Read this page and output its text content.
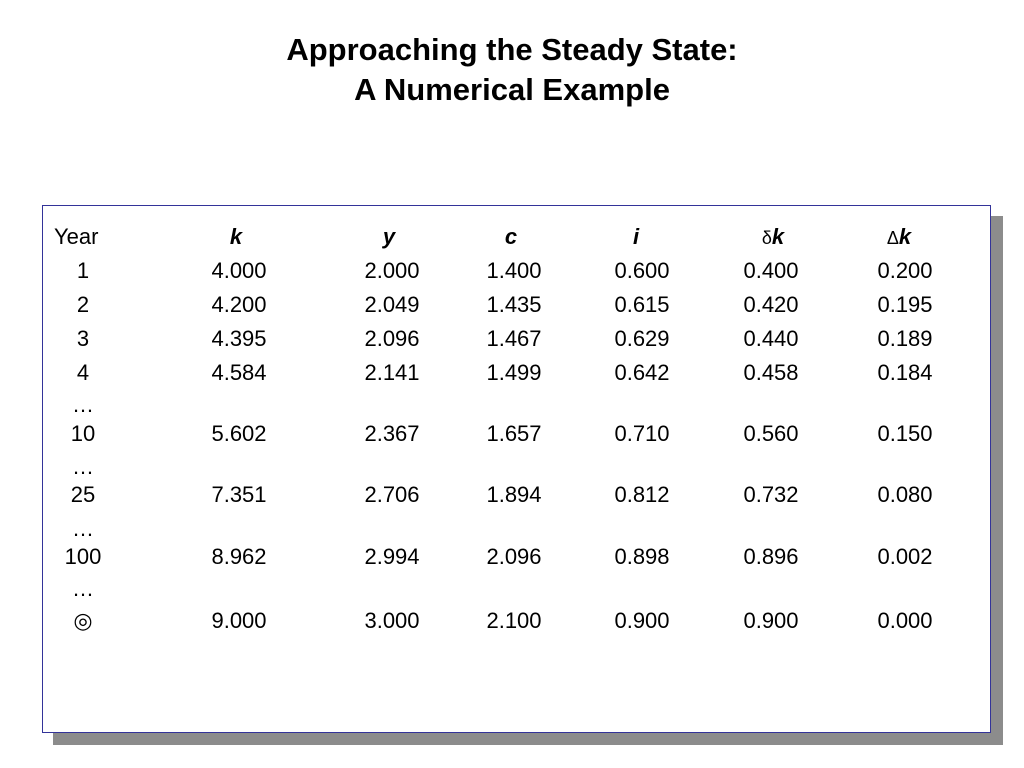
Approaching the Steady State:
A Numerical Example
Year	k	y	c	i	δk	Δk
1	4.000	2.000	1.400	0.600	0.400	0.200
2	4.200	2.049	1.435	0.615	0.420	0.195
3	4.395	2.096	1.467	0.629	0.440	0.189
4	4.584	2.141	1.499	0.642	0.458	0.184
…
10	5.602	2.367	1.657	0.710	0.560	0.150
…
25	7.351	2.706	1.894	0.812	0.732	0.080
…
100	8.962	2.994	2.096	0.898	0.896	0.002
…
◎	9.000	3.000	2.100	0.900	0.900	0.000
